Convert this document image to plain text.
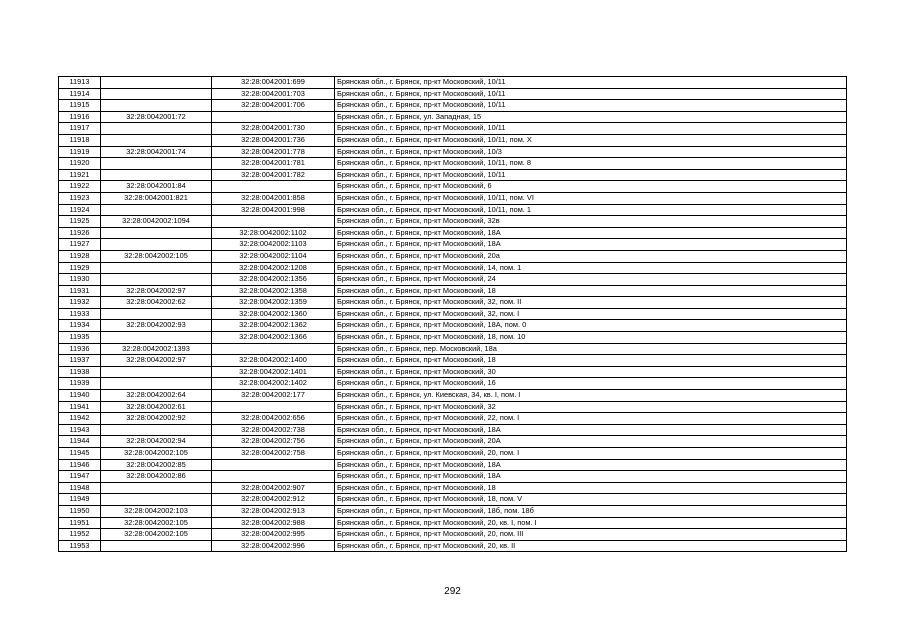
11913		32:28:0042001:699	Брянская обл., г. Брянск, пр-кт Московский, 10/11
11914		32:28:0042001:703	Брянская обл., г. Брянск, пр-кт Московский, 10/11
11915		32:28:0042001:706	Брянская обл., г. Брянск, пр-кт Московский, 10/11
11916	32:28:0042001:72		Брянская обл., г. Брянск, ул. Западная, 15
11917		32:28:0042001:730	Брянская обл., г. Брянск, пр-кт Московский, 10/11
11918		32:28:0042001:736	Брянская обл., г. Брянск, пр-кт Московский, 10/11, пом. X
11919	32:28:0042001:74	32:28:0042001:778	Брянская обл., г. Брянск, пр-кт Московский, 10/3
11920		32:28:0042001:781	Брянская обл., г. Брянск, пр-кт Московский, 10/11, пом. 8
11921		32:28:0042001:782	Брянская обл., г. Брянск, пр-кт Московский, 10/11
11922	32:28:0042001:84		Брянская обл., г. Брянск, пр-кт Московский, 6
11923	32:28:0042001:821	32:28:0042001:858	Брянская обл., г. Брянск, пр-кт Московский, 10/11, пом. VI
11924		32:28:0042001:998	Брянская обл., г. Брянск, пр-кт Московский, 10/11, пом. 1
11925	32:28:0042002:1094		Брянская обл., г. Брянск, пр-кт Московский, 32в
11926		32:28:0042002:1102	Брянская обл., г. Брянск, пр-кт Московский, 18А
11927		32:28:0042002:1103	Брянская обл., г. Брянск, пр-кт Московский, 18А
11928	32:28:0042002:105	32:28:0042002:1104	Брянская обл., г. Брянск, пр-кт Московский, 20а
11929		32:28:0042002:1208	Брянская обл., г. Брянск, пр-кт Московский, 14, пом. 1
11930		32:28:0042002:1356	Брянская обл., г. Брянск, пр-кт Московский, 24
11931	32:28:0042002:97	32:28:0042002:1358	Брянская обл., г. Брянск, пр-кт Московский, 18
11932	32:28:0042002:62	32:28:0042002:1359	Брянская обл., г. Брянск, пр-кт Московский, 32, пом. II
11933		32:28:0042002:1360	Брянская обл., г. Брянск, пр-кт Московский, 32, пом. I
11934	32:28:0042002:93	32:28:0042002:1362	Брянская обл., г. Брянск, пр-кт Московский, 18А, пом. 0
11935		32:28:0042002:1366	Брянская обл., г. Брянск, пр-кт Московский, 18, пом. 10
11936	32:28:0042002:1393		Брянская обл., г. Брянск, пер. Московский, 18а
11937	32:28:0042002:97	32:28:0042002:1400	Брянская обл., г. Брянск, пр-кт Московский, 18
11938		32:28:0042002:1401	Брянская обл., г. Брянск, пр-кт Московский, 30
11939		32:28:0042002:1402	Брянская обл., г. Брянск, пр-кт Московский, 16
11940	32:28:0042002:64	32:28:0042002:177	Брянская обл., г. Брянск, ул. Киевская, 34, кв. I, пом. I
11941	32:28:0042002:61		Брянская обл., г. Брянск, пр-кт Московский, 32
11942	32:28:0042002:92	32:28:0042002:656	Брянская обл., г. Брянск, пр-кт Московский, 22, пом. I
11943		32:28:0042002:738	Брянская обл., г. Брянск, пр-кт Московский, 18А
11944	32:28:0042002:94	32:28:0042002:756	Брянская обл., г. Брянск, пр-кт Московский, 20А
11945	32:28:0042002:105	32:28:0042002:758	Брянская обл., г. Брянск, пр-кт Московский, 20, пом. I
11946	32:28:0042002:85		Брянская обл., г. Брянск, пр-кт Московский, 18А
11947	32:28:0042002:86		Брянская обл., г. Брянск, пр-кт Московский, 18А
11948		32:28:0042002:907	Брянская обл., г. Брянск, пр-кт Московский, 18
11949		32:28:0042002:912	Брянская обл., г. Брянск, пр-кт Московский, 18, пом. V
11950	32:28:0042002:103	32:28:0042002:913	Брянская обл., г. Брянск, пр-кт Московский, 18б, пом. 18б
11951	32:28:0042002:105	32:28:0042002:988	Брянская обл., г. Брянск, пр-кт Московский, 20, кв. I, пом. I
11952	32:28:0042002:105	32:28:0042002:995	Брянская обл., г. Брянск, пр-кт Московский, 20, пом. III
11953		32:28:0042002:996	Брянская обл., г. Брянск, пр-кт Московский, 20, кв. II
292
